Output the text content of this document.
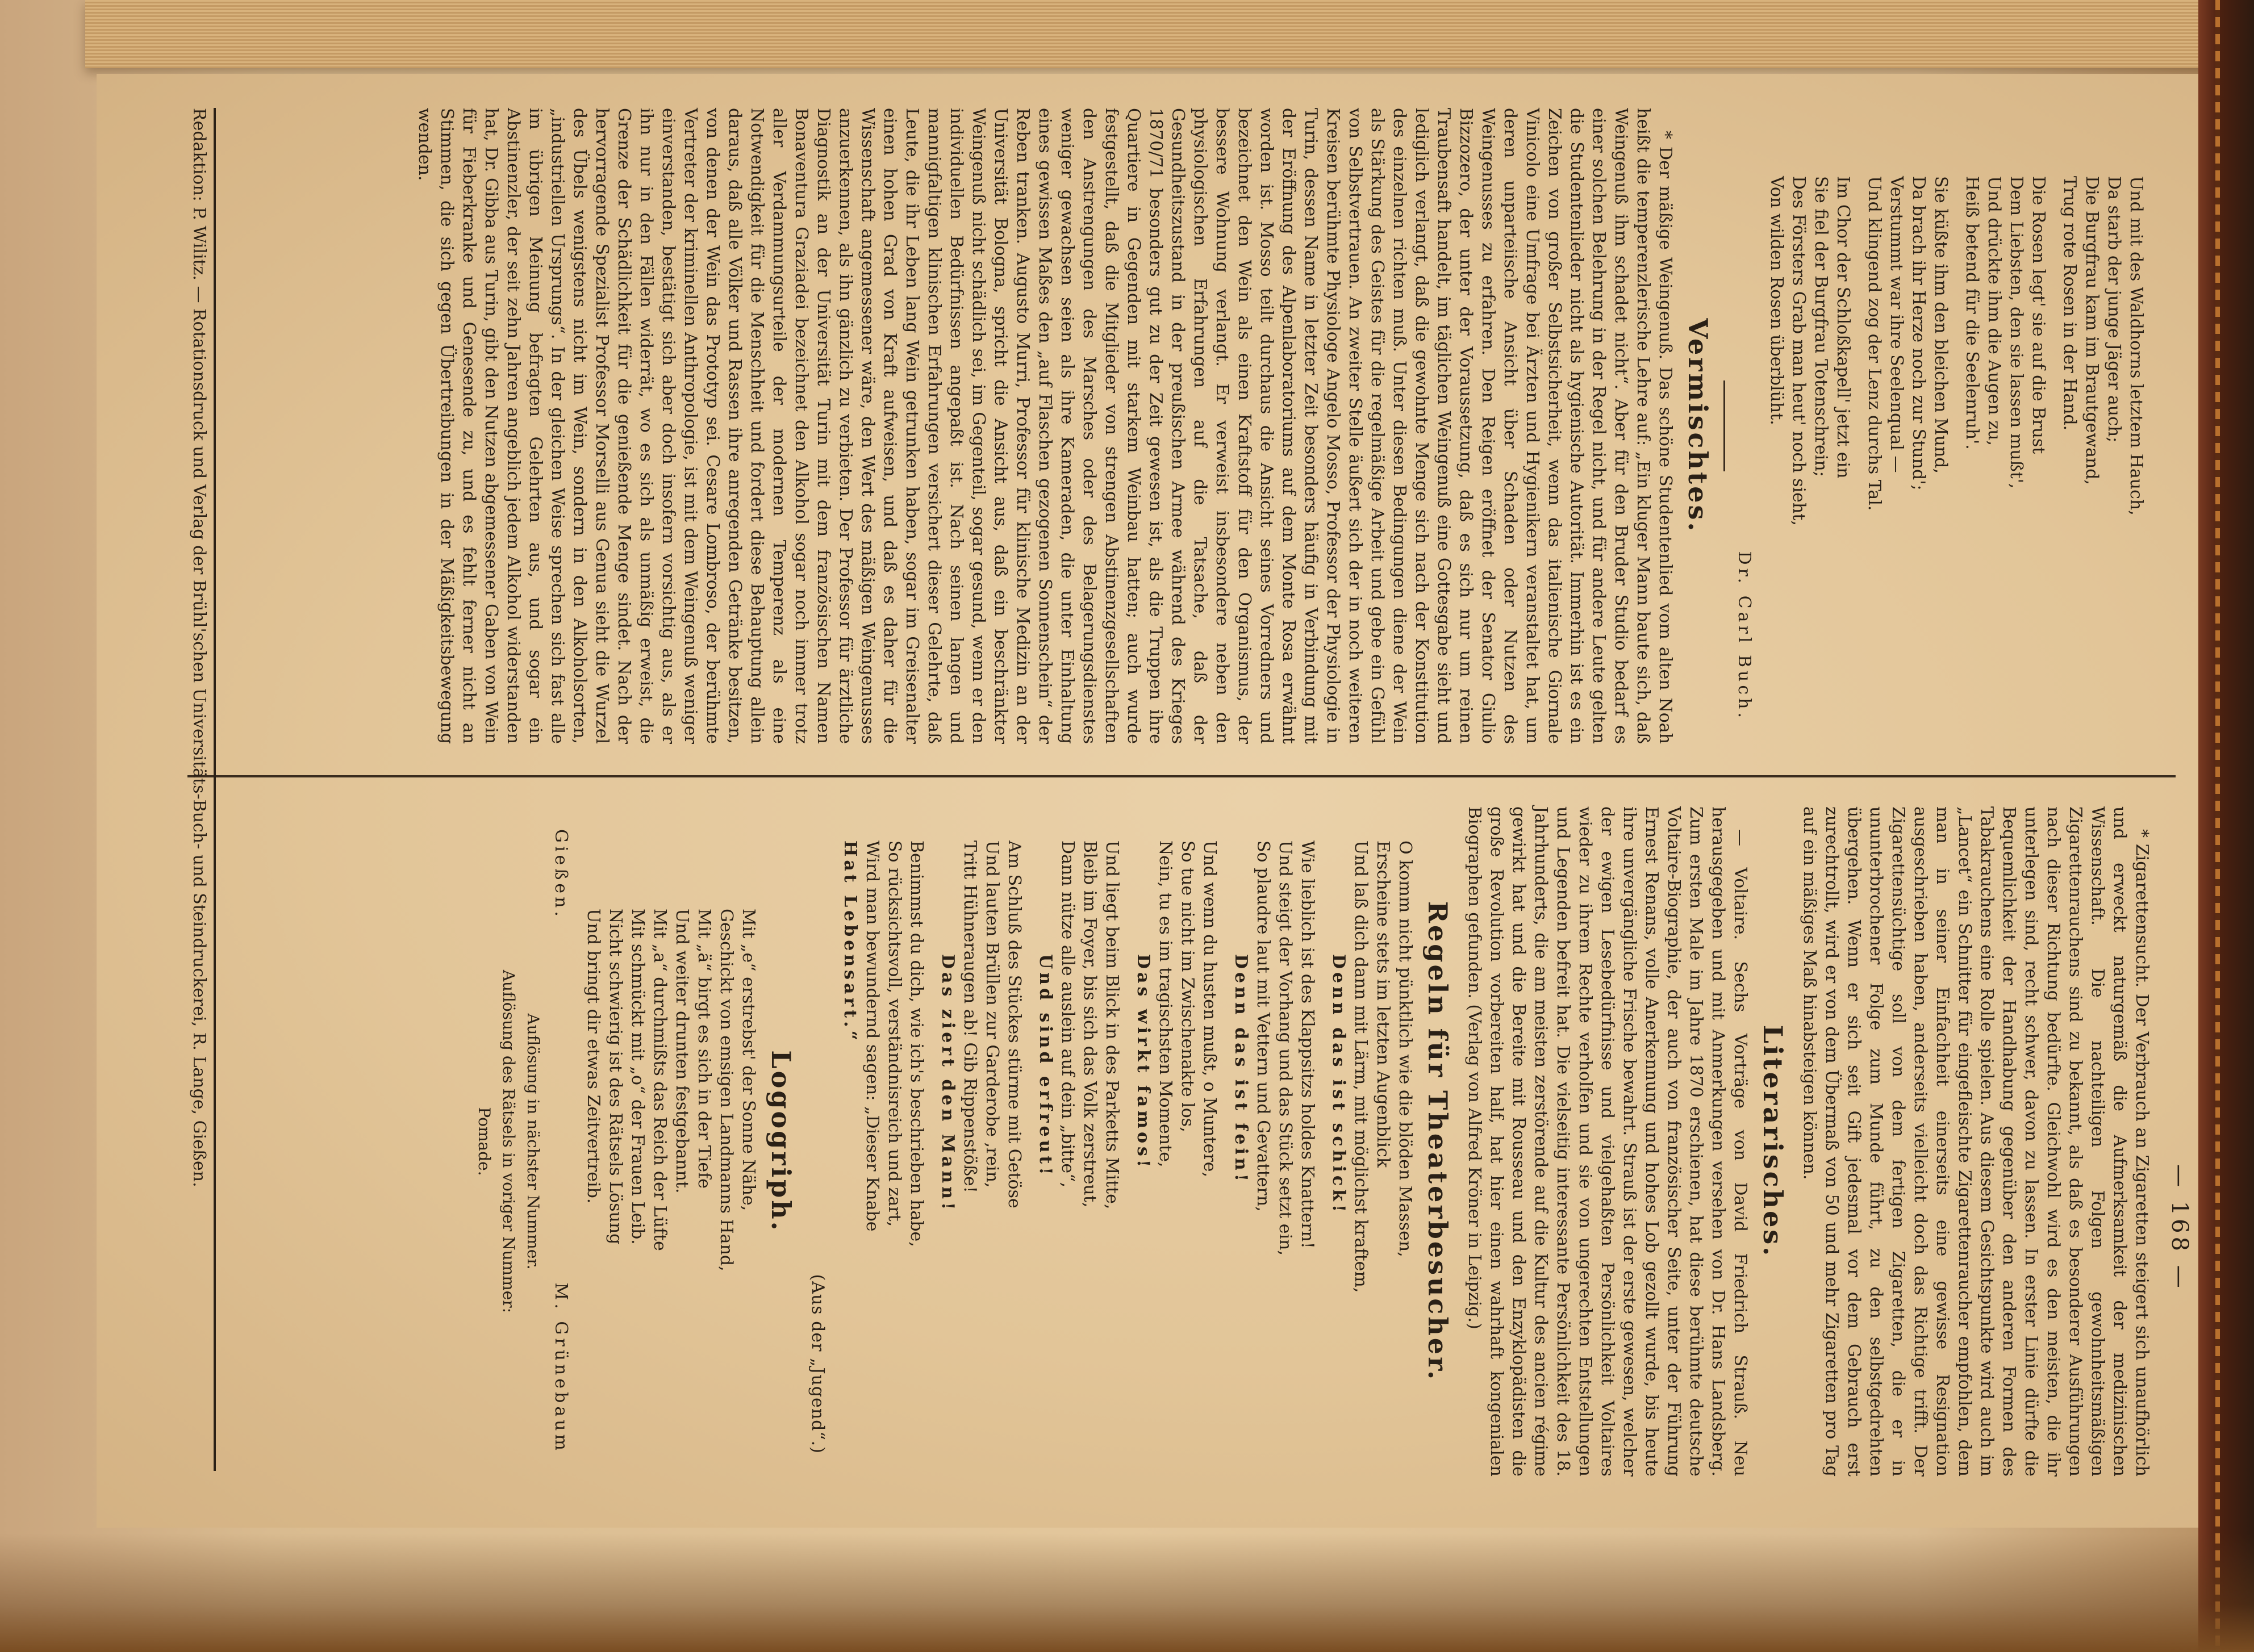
— 168 —
Und mit des Waldhorns letztem Hauch,
Da starb der junge Jäger auch;
Die Burgfrau kam im Brautgewand,
Trug rote Rosen in der Hand.
Die Rosen legt' sie auf die Brust
Dem Liebsten, den sie lassen mußt',
Und drückte ihm die Augen zu,
Heiß betend für die Seelenruh'.
Sie küßte ihm den bleichen Mund,
Da brach ihr Herze noch zur Stund';
Verstummt war ihre Seelenqual —
Und klingend zog der Lenz durchs Tal.
Im Chor der Schloßkapell' jetzt ein
Sie fiel der Burgfrau Totenschrein;
Des Försters Grab man heut' noch sieht,
Von wilden Rosen überblüht.
Dr. Carl Buch.
Vermischtes.

* Der mäßige Weingenuß. Das schöne Studentenlied vom alten Noah heißt die temperenzlerische Lehre auf: „Ein kluger Mann baute sich, daß Weingenuß ihm schadet nicht“. Aber für den Bruder Studio bedarf es einer solchen Belehrung in der Regel nicht, und für andere Leute gelten die Studentenlieder nicht als hygienische Autorität. Immerhin ist es ein Zeichen von großer Selbstsicherheit, wenn das italienische Giornale Vinicolo eine Umfrage bei Ärzten und Hygienikern veranstaltet hat, um deren unparteiische Ansicht über Schaden oder Nutzen des Weingenusses zu erfahren. Den Reigen eröffnet der Senator Giulio Bizzozero, der unter der Voraussetzung, daß es sich nur um reinen Traubensaft handelt, im täglichen Weingenuß eine Gottesgabe sieht und lediglich verlangt, daß die gewohnte Menge sich nach der Konstitution des einzelnen richten muß. Unter diesen Bedingungen diene der Wein als Stärkung des Geistes für die regelmäßige Arbeit und gebe ein Gefühl von Selbstvertrauen. An zweiter Stelle äußert sich der in noch weiteren Kreisen berühmte Physiologe Angelo Mosso, Professor der Physiologie in Turin, dessen Name in letzter Zeit besonders häufig in Verbindung mit der Eröffnung des Alpenlaboratoriums auf dem Monte Rosa erwähnt worden ist. Mosso teilt durchaus die Ansicht seines Vorredners und bezeichnet den Wein als einen Kraftstoff für den Organismus, der bessere Wohnung verlangt. Er verweist insbesondere neben den physiologischen Erfahrungen auf die Tatsache, daß der Gesundheitszustand in der preußischen Armee während des Krieges 1870/71 besonders gut zu der Zeit gewesen ist, als die Truppen ihre Quartiere in Gegenden mit starkem Weinbau hatten; auch wurde festgestellt, daß die Mitglieder von strengen Abstinenzgesellschaften den Anstrengungen des Marsches oder des Belagerungsdienstes weniger gewachsen seien als ihre Kameraden, die unter Einhaltung eines gewissen Maßes den „auf Flaschen gezogenen Sonnenschein“ der Reben tranken. Augusto Murri, Professor für klinische Medizin an der Universität Bologna, spricht die Ansicht aus, daß ein beschränkter Weingenuß nicht schädlich sei, im Gegenteil, sogar gesund, wenn er den individuellen Bedürfnissen angepaßt ist. Nach seinen langen und mannigfaltigen klinischen Erfahrungen versichert dieser Gelehrte, daß Leute, die ihr Leben lang Wein getrunken haben, sogar im Greisenalter einen hohen Grad von Kraft aufweisen, und daß es daher für die Wissenschaft angemessener wäre, den Wert des mäßigen Weingenusses anzuerkennen, als ihn gänzlich zu verbieten. Der Professor für ärztliche Diagnostik an der Universität Turin mit dem französischen Namen Bonaventura Graziadei bezeichnet den Alkohol sogar noch immer trotz aller Verdammungsurteile der modernen Temperenz als eine Notwendigkeit für die Menschheit und fordert diese Behauptung allein daraus, daß alle Völker und Rassen ihre anregenden Getränke besitzen, von denen der Wein das Prototyp sei. Cesare Lombroso, der berühmte Vertreter der kriminellen Anthropologie, ist mit dem Weingenuß weniger einverstanden, bestätigt sich aber doch insofern vorsichtig aus, als er ihn nur in den Fällen widerrät, wo es sich als unmäßig erweist, die Grenze der Schädlichkeit für die genießende Menge sindet. Nach der hervorragende Spezialist Professor Morselli aus Genua sieht die Wurzel des Übels wenigstens nicht im Wein, sondern in den Alkoholsorten, „industriellen Ursprungs“. In der gleichen Weise sprechen sich fast alle im übrigen Meinung befragten Gelehrten aus, und sogar ein Abstinenzler, der seit zehn Jahren angeblich jedem Alkohol widerstanden hat, Dr. Gibba aus Turin, gibt den Nutzen abgemessener Gaben von Wein für Fieberkranke und Genesende zu, und es fehlt ferner nicht an Stimmen, die sich gegen Übertreibungen in der Mäßigkeitsbewegung wenden.

* Zigarettensucht. Der Verbrauch an Zigaretten steigert sich unaufhörlich und erweckt naturgemäß die Aufmerksamkeit der medizinischen Wissenschaft. Die nachteiligen Folgen gewohnheitsmäßigen Zigarettenrauchens sind zu bekannt, als daß es besonderer Ausführungen nach dieser Richtung bedürfte. Gleichwohl wird es den meisten, die ihr unterlegen sind, recht schwer, davon zu lassen. In erster Linie dürfte die Bequemlichkeit der Handhabung gegenüber den anderen Formen des Tabakrauchens eine Rolle spielen. Aus diesem Gesichtspunkte wird auch im „Lancet“ ein Schnitter für eingefleischte Zigarettenraucher empfohlen, dem man in seiner Einfachheit einerseits eine gewisse Resignation ausgeschrieben haben, anderseits vielleicht doch das Richtige trifft. Der Zigarettensüchtige soll von dem fertigen Zigaretten, die er in ununterbrochener Folge zum Munde führt, zu den selbstgedrehten übergehen. Wenn er sich seit Gift jedesmal vor dem Gebrauch erst zurechtrollt, wird er von dem Übermaß von 50 und mehr Zigaretten pro Tag auf ein mäßiges Maß hinabsteigen können.

Literarisches.

— Voltaire. Sechs Vorträge von David Friedrich Strauß. Neu herausgegeben und mit Anmerkungen versehen von Dr. Hans Landsberg. Zum ersten Male im Jahre 1870 erschienen, hat diese berühmte deutsche Voltaire-Biographie, der auch von französischer Seite, unter der Führung Ernest Renans, volle Anerkennung und hohes Lob gezollt wurde, bis heute ihre unvergängliche Frische bewahrt. Strauß ist der erste gewesen, welcher der ewigen Lesebedürfnisse und vielgehaßten Persönlichkeit Voltaires wieder zu ihrem Rechte verholfen und sie von ungerechten Entstellungen und Legenden befreit hat. Die vielseitig interessante Persönlichkeit des 18. Jahrhunderts, die am meisten zerstörende auf die Kultur des ancien régime gewirkt hat und die Bereite mit Rousseau und den Enzyklopädisten die große Revolution vorbereiten half, hat hier einen wahrhaft kongenialen Biographen gefunden. (Verlag von Alfred Kröner in Leipzig.)

Regeln für Theaterbesucher.
O komm nicht pünktlich wie die blöden Massen,
Erscheine stets im letzten Augenblick
Und laß dich dann mit Lärm, mit möglichst kraftem,
Denn das ist schick!
Wie lieblich ist des Klappsitzs holdes Knattern!
Und steigt der Vorhang und das Stück setzt ein,
So plaudre laut mit Vettern und Gevattern,
Denn das ist fein!
Und wenn du husten mußt, o Muntere,
So tue nicht im Zwischenakte los,
Nein, tu es im tragischsten Momente,
Das wirkt famos!
Und liegt beim Blick in des Parketts Mitte,
Bleib im Foyer, bis sich das Volk zerstreut,
Dann nütze alle auslein auf dein „bitte“,
Und sind erfreut!
Am Schluß des Stückes stürme mit Getöse
Und lauten Brüllen zur Garderobe ‚rein,
Tritt Hühneraugen ab! Gib Rippenstöße!
Das ziert den Mann!
Benimmst du dich, wie ich's beschrieben habe,
So rücksichtsvoll, verständnisreich und zart,
Wird man bewundernd sagen: „Dieser Knabe
Hat Lebensart.“
(Aus der „Jugend“.)
Logogriph.
Mit „e“ erstrebst' der Sonne Nähe,
Geschickt von emsigen Landmanns Hand,
Mit „ä“ birgt es sich in der Tiefe
Und weiter drunten festgebannt.
Mit „a“ durchmißts das Reich der Lüfte
Mit schmückt mit „o“ der Frauen Leib.
Nicht schwierig ist des Rätsels Lösung
Und bringt dir etwas Zeitvertreib.
Gießen.
M. Grünebaum
Auflösung in nächster Nummer.
Auflösung des Rätsels in voriger Nummer:
Pomade.
Redaktion: P. Wilitz. — Rotationsdruck und Verlag der Brühl'schen Universitäts-Buch- und Steindruckerei, R. Lange, Gießen.
